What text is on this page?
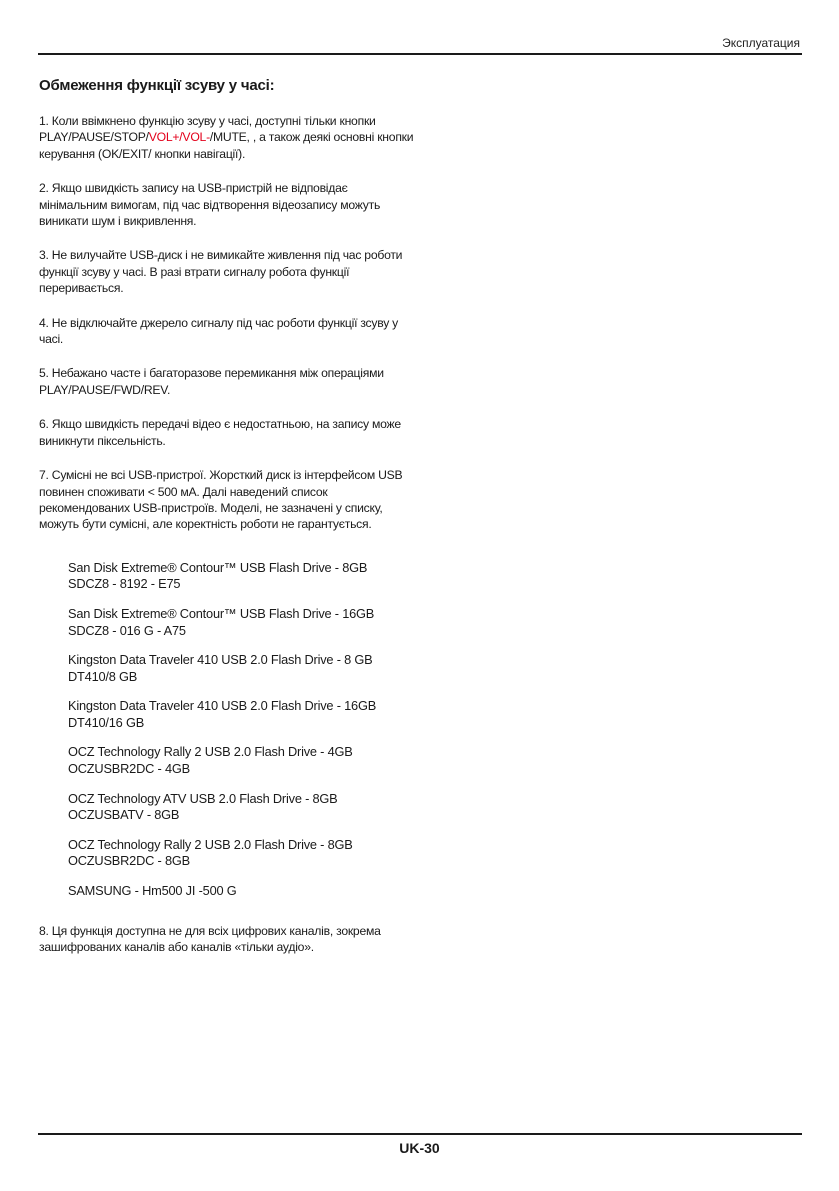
Эксплуатация
Обмеження функції зсуву у часі:

1. Коли ввімкнено функцію зсуву у часі, доступні тільки кнопки PLAY/PAUSE/STOP/VOL+/VOL-/MUTE, , а також деякі основні кнопки керування (OK/EXIT/ кнопки навігації).

2. Якщо швидкість запису на USB-пристрій не відповідає мінімальним вимогам, під час відтворення відеозапису можуть виникати шум і викривлення.

3. Не вилучайте USB-диск і не вимикайте живлення під час роботи функції зсуву у часі. В разі втрати сигналу робота функції переривається.

4. Не відключайте джерело сигналу під час роботи функції зсуву у часі.

5. Небажано часте і багаторазове перемикання між операціями PLAY/PAUSE/FWD/REV.

6. Якщо швидкість передачі відео є недостатньою, на запису може виникнути піксельність.

7. Сумісні не всі USB-пристрої. Жорсткий диск із інтерфейсом USB повинен споживати < 500 мА. Далі наведений список рекомендованих USB-пристроїв. Моделі, не зазначені у списку, можуть бути сумісні, але коректність роботи не гарантується.

San Disk Extreme® Contour™ USB Flash Drive - 8GB
SDCZ8 - 8192 - E75
San Disk Extreme® Contour™ USB Flash Drive - 16GB
SDCZ8 - 016 G - A75
Kingston Data Traveler 410 USB 2.0 Flash Drive - 8 GB
DT410/8 GB
Kingston Data Traveler 410 USB 2.0 Flash Drive - 16GB
DT410/16 GB
OCZ Technology Rally 2 USB 2.0 Flash Drive - 4GB
OCZUSBR2DC - 4GB
OCZ Technology ATV USB 2.0 Flash Drive - 8GB
OCZUSBATV - 8GB
OCZ Technology Rally 2 USB 2.0 Flash Drive - 8GB
OCZUSBR2DC - 8GB
SAMSUNG - Hm500 JI -500 G

8. Ця функція доступна не для всіх цифрових каналів, зокрема зашифрованих каналів або каналів «тільки аудіо».

UK-30
